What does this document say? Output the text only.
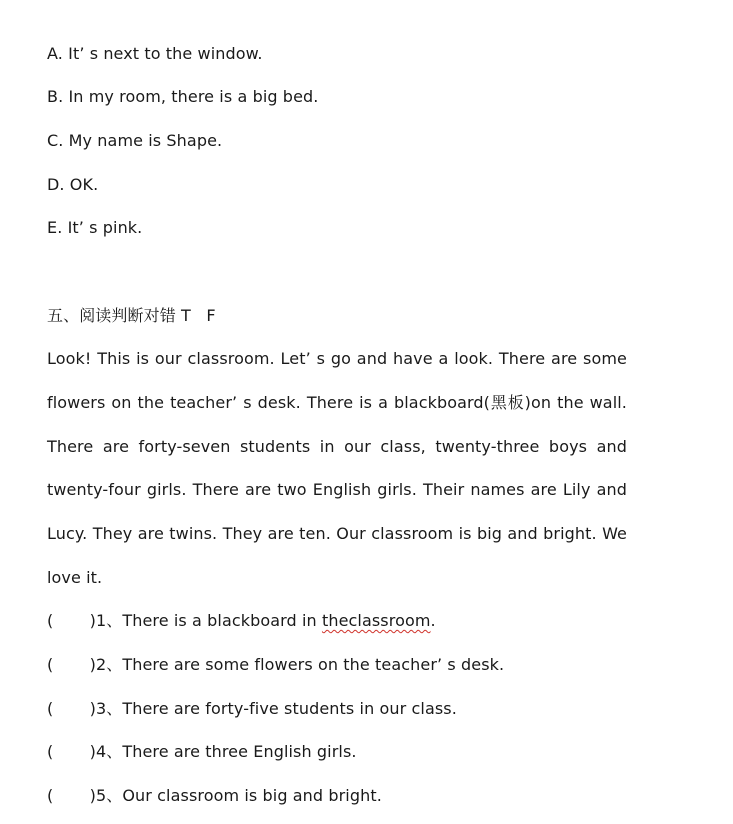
A. It’ s next to the window.
B. In my room, there is a big bed.
C. My name is Shape.
D. OK.
E. It’ s pink.
五、阅读判断对错 T   F
Look! This is our classroom. Let’ s go and have a look. There are some
flowers on the teacher’ s desk. There is a blackboard(黑板)on the wall.
There are forty-seven students in our class, twenty-three boys and
twenty-four girls. There are two English girls. Their names are Lily and
Lucy. They are twins. They are ten. Our classroom is big and bright. We
love it.
(       )1、There is a blackboard in theclassroom.
(       )2、There are some flowers on the teacher’ s desk.
(       )3、There are forty-five students in our class.
(       )4、There are three English girls.
(       )5、Our classroom is big and bright.
